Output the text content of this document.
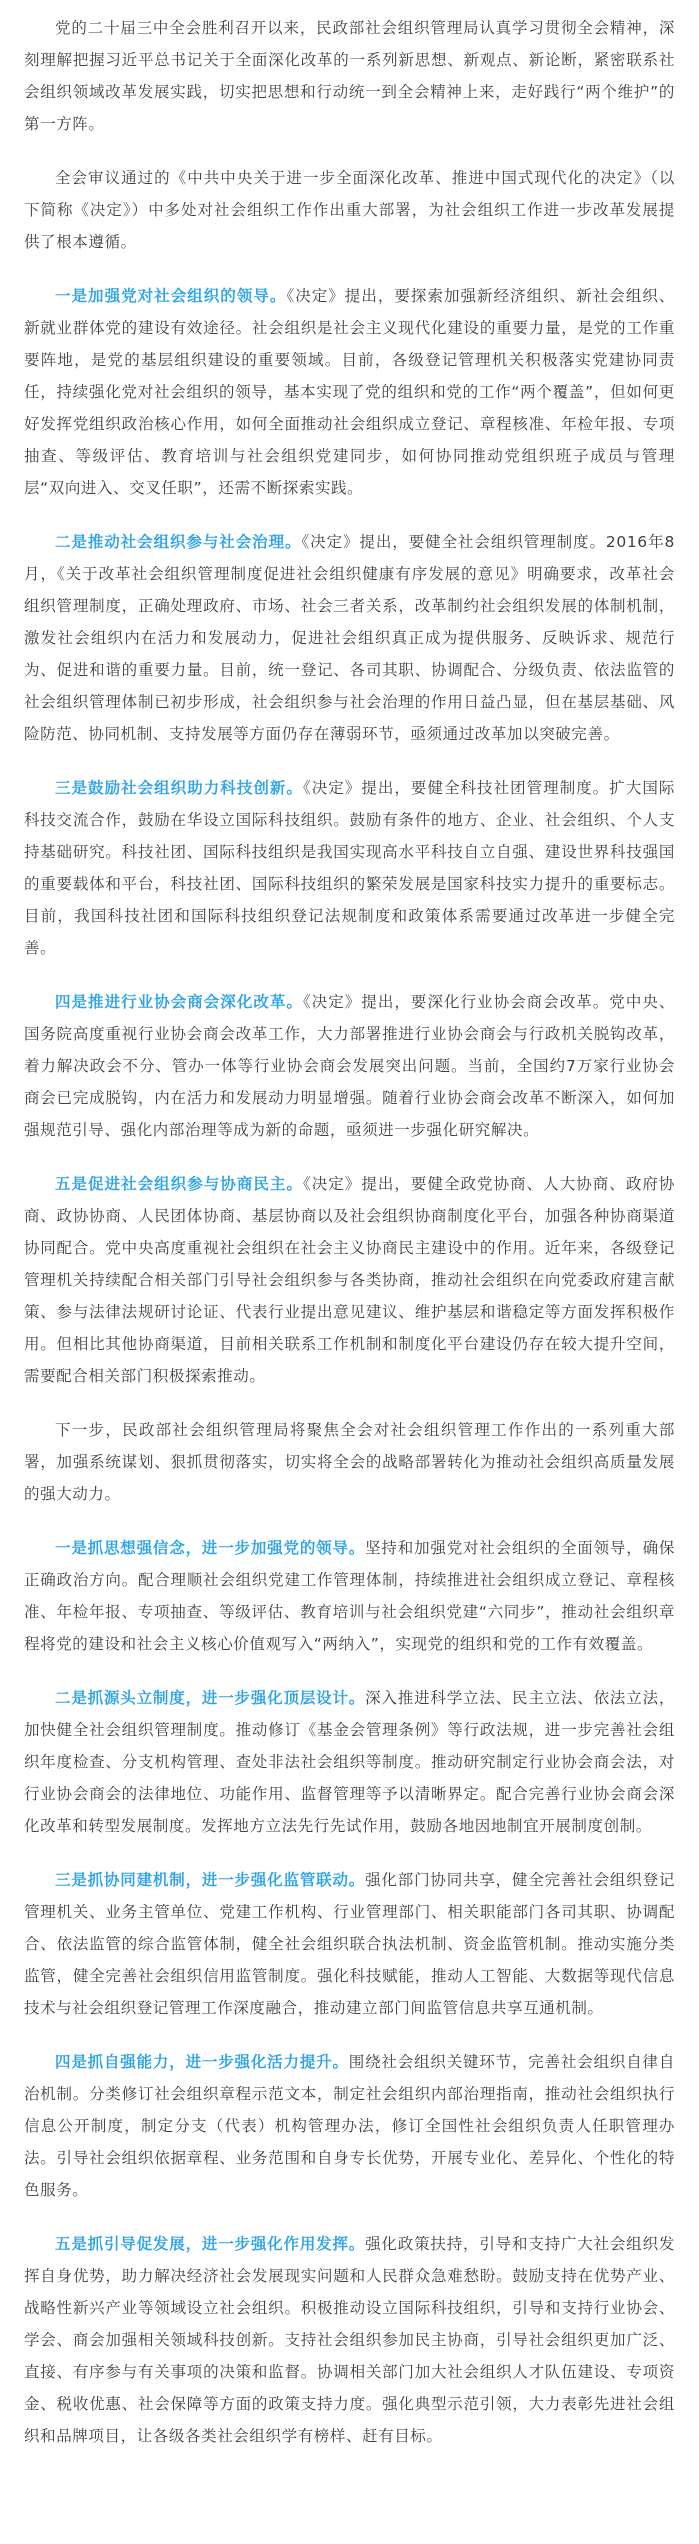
党的二十届三中全会胜利召开以来，民政部社会组织管理局认真学习贯彻全会精神，深刻理解把握习近平总书记关于全面深化改革的一系列新思想、新观点、新论断，紧密联系社会组织领域改革发展实践，切实把思想和行动统一到全会精神上来，走好践行“两个维护”的第一方阵。

全会审议通过的《中共中央关于进一步全面深化改革、推进中国式现代化的决定》（以下简称《决定》）中多处对社会组织工作作出重大部署，为社会组织工作进一步改革发展提供了根本遵循。

一是加强党对社会组织的领导。《决定》提出，要探索加强新经济组织、新社会组织、新就业群体党的建设有效途径。社会组织是社会主义现代化建设的重要力量，是党的工作重要阵地，是党的基层组织建设的重要领域。目前，各级登记管理机关积极落实党建协同责任，持续强化党对社会组织的领导，基本实现了党的组织和党的工作“两个覆盖”，但如何更好发挥党组织政治核心作用，如何全面推动社会组织成立登记、章程核准、年检年报、专项抽查、等级评估、教育培训与社会组织党建同步，如何协同推动党组织班子成员与管理层“双向进入、交叉任职”，还需不断探索实践。

二是推动社会组织参与社会治理。《决定》提出，要健全社会组织管理制度。2016年8月，《关于改革社会组织管理制度促进社会组织健康有序发展的意见》明确要求，改革社会组织管理制度，正确处理政府、市场、社会三者关系，改革制约社会组织发展的体制机制，激发社会组织内在活力和发展动力，促进社会组织真正成为提供服务、反映诉求、规范行为、促进和谐的重要力量。目前，统一登记、各司其职、协调配合、分级负责、依法监管的社会组织管理体制已初步形成，社会组织参与社会治理的作用日益凸显，但在基层基础、风险防范、协同机制、支持发展等方面仍存在薄弱环节，亟须通过改革加以突破完善。

三是鼓励社会组织助力科技创新。《决定》提出，要健全科技社团管理制度。扩大国际科技交流合作，鼓励在华设立国际科技组织。鼓励有条件的地方、企业、社会组织、个人支持基础研究。科技社团、国际科技组织是我国实现高水平科技自立自强、建设世界科技强国的重要载体和平台，科技社团、国际科技组织的繁荣发展是国家科技实力提升的重要标志。目前，我国科技社团和国际科技组织登记法规制度和政策体系需要通过改革进一步健全完善。

四是推进行业协会商会深化改革。《决定》提出，要深化行业协会商会改革。党中央、国务院高度重视行业协会商会改革工作，大力部署推进行业协会商会与行政机关脱钩改革，着力解决政会不分、管办一体等行业协会商会发展突出问题。当前，全国约7万家行业协会商会已完成脱钩，内在活力和发展动力明显增强。随着行业协会商会改革不断深入，如何加强规范引导、强化内部治理等成为新的命题，亟须进一步强化研究解决。

五是促进社会组织参与协商民主。《决定》提出，要健全政党协商、人大协商、政府协商、政协协商、人民团体协商、基层协商以及社会组织协商制度化平台，加强各种协商渠道协同配合。党中央高度重视社会组织在社会主义协商民主建设中的作用。近年来，各级登记管理机关持续配合相关部门引导社会组织参与各类协商，推动社会组织在向党委政府建言献策、参与法律法规研讨论证、代表行业提出意见建议、维护基层和谐稳定等方面发挥积极作用。但相比其他协商渠道，目前相关联系工作机制和制度化平台建设仍存在较大提升空间，需要配合相关部门积极探索推动。

下一步，民政部社会组织管理局将聚焦全会对社会组织管理工作作出的一系列重大部署，加强系统谋划、狠抓贯彻落实，切实将全会的战略部署转化为推动社会组织高质量发展的强大动力。

一是抓思想强信念，进一步加强党的领导。坚持和加强党对社会组织的全面领导，确保正确政治方向。配合理顺社会组织党建工作管理体制，持续推进社会组织成立登记、章程核准、年检年报、专项抽查、等级评估、教育培训与社会组织党建“六同步”，推动社会组织章程将党的建设和社会主义核心价值观写入“两纳入”，实现党的组织和党的工作有效覆盖。

二是抓源头立制度，进一步强化顶层设计。深入推进科学立法、民主立法、依法立法，加快健全社会组织管理制度。推动修订《基金会管理条例》等行政法规，进一步完善社会组织年度检查、分支机构管理、查处非法社会组织等制度。推动研究制定行业协会商会法，对行业协会商会的法律地位、功能作用、监督管理等予以清晰界定。配合完善行业协会商会深化改革和转型发展制度。发挥地方立法先行先试作用，鼓励各地因地制宜开展制度创制。

三是抓协同建机制，进一步强化监管联动。强化部门协同共享，健全完善社会组织登记管理机关、业务主管单位、党建工作机构、行业管理部门、相关职能部门各司其职、协调配合、依法监管的综合监管体制，健全社会组织联合执法机制、资金监管机制。推动实施分类监管，健全完善社会组织信用监管制度。强化科技赋能，推动人工智能、大数据等现代信息技术与社会组织登记管理工作深度融合，推动建立部门间监管信息共享互通机制。

四是抓自强能力，进一步强化活力提升。围绕社会组织关键环节，完善社会组织自律自治机制。分类修订社会组织章程示范文本，制定社会组织内部治理指南，推动社会组织执行信息公开制度，制定分支（代表）机构管理办法，修订全国性社会组织负责人任职管理办法。引导社会组织依据章程、业务范围和自身专长优势，开展专业化、差异化、个性化的特色服务。

五是抓引导促发展，进一步强化作用发挥。强化政策扶持，引导和支持广大社会组织发挥自身优势，助力解决经济社会发展现实问题和人民群众急难愁盼。鼓励支持在优势产业、战略性新兴产业等领域设立社会组织。积极推动设立国际科技组织，引导和支持行业协会、学会、商会加强相关领域科技创新。支持社会组织参加民主协商，引导社会组织更加广泛、直接、有序参与有关事项的决策和监督。协调相关部门加大社会组织人才队伍建设、专项资金、税收优惠、社会保障等方面的政策支持力度。强化典型示范引领，大力表彰先进社会组织和品牌项目，让各级各类社会组织学有榜样、赶有目标。
